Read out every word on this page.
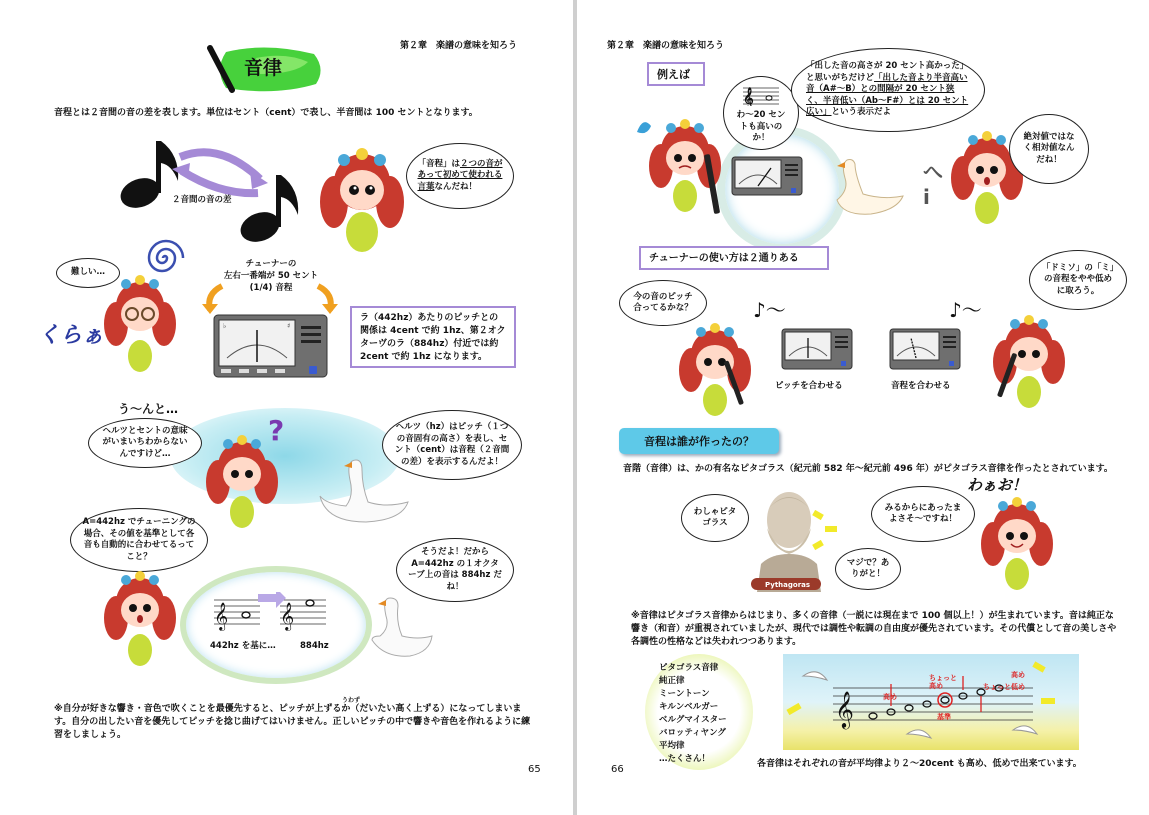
第２章　楽譜の意味を知ろう
音律
音程とは２音間の音の差を表します。単位はセント（cent）で表し、半音間は 100 セントとなります。
２音間の音の差
「音程」は２つの音が
あって初めて使われる
言葉なんだね！
難しい…
くらぁ
チューナーの
左右一番端が 50 セント
(1/4) 音程
♭	♯
ラ（442hz）あたりのピッチとの関係は 4cent で約 1hz、第２オクターヴのラ（884hz）付近では約 2cent で約 1hz になります。
う〜んと…
ヘルツとセントの意味がいまいちわからないんですけど…
?	ヘルツ（hz）はピッチ（１つの音固有の高さ）を表し、セント（cent）は音程（２音間の差）を表示するんだよ！
A=442hz でチューニングの場合、その値を基準として各音も自動的に合わせてるってこと？
𝄞 𝄞
442hz を基に…	884hz
そうだよ！だから A=442hz の１オクターブ上の音は 884hz だね！
うわず
※自分が好きな響き・音色で吹くことを最優先すると、ピッチが上ずるか（だいたい高く上ずる）になってしまいます。自分の出したい音を優先してピッチを捻じ曲げてはいけません。正しいピッチの中で響きや音色を作れるように練習をしましょう。
65
第２章　楽譜の意味を知ろう
例えば
𝄞
わ〜20 セントも高いのか！
「出した音の高さが 20 セント高かった」と思いがちだけど「出した音より半音高い音（A#〜B）との間隔が 20 セント狭く、半音低い（Ab〜F#）とは 20 セント広い」という表示だよ
へ
ⅰ
絶対値ではなく相対値なんだね！
チューナーの使い方は２通りある
今の音のピッチ合ってるかな？	♪〜
ピッチを合わせる	音程を合わせる
♪〜
「ドミソ」の「ミ」の音程をやや低めに取ろう。
音程は誰が作ったの？
音階（音律）は、かの有名なピタゴラス（紀元前 582 年〜紀元前 496 年）がピタゴラス音律を作ったとされています。
わしゃピタゴラス
Pythagoras
マジで？ありがと！
みるからにあったまよさそ〜ですね！
わぁお！
※音律はピタゴラス音律からはじまり、多くの音律（一説には現在まで 100 個以上！）が生まれています。音は純正な響き（和音）が重視されていましたが、現代では調性や転調の自由度が優先されています。その代償として音の美しさや各調性の性格などは失われつつあります。
ピタゴラス音律
純正律
ミーントーン
キルンベルガー
ベルグマイスター
バロッティヤング
平均律
…たくさん！
𝄞	高め
ちょっと高め
基準
ちょっと低め
高め
各音律はそれぞれの音が平均律より２〜20cent も高め、低めで出来ています。
66
